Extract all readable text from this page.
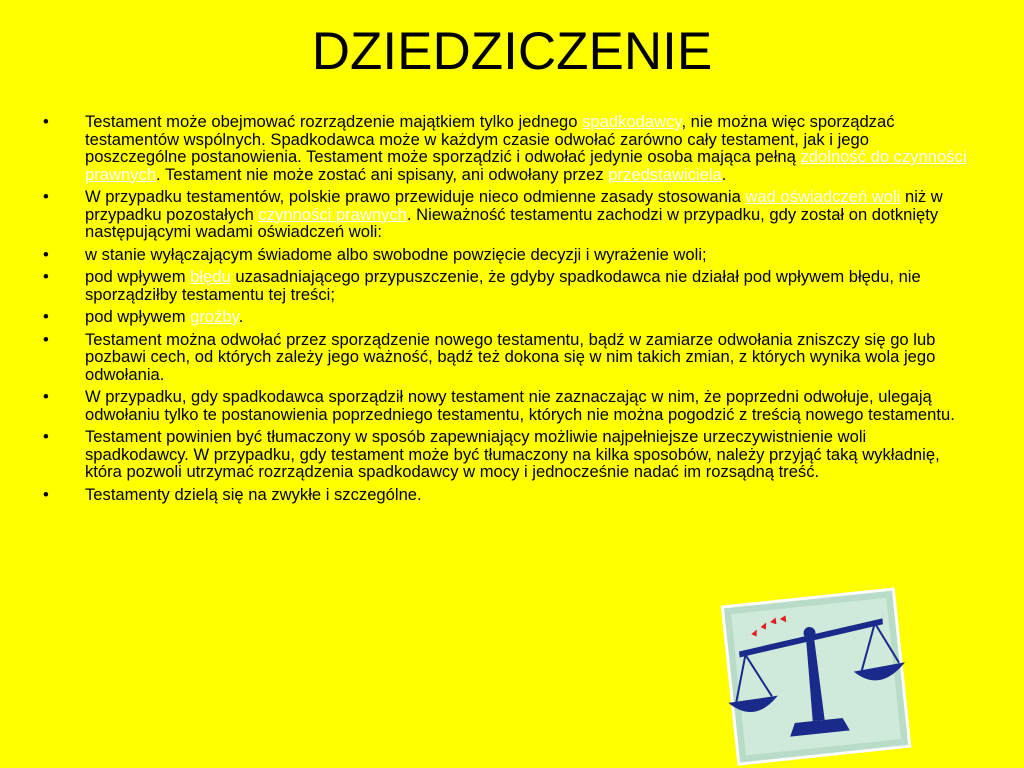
DZIEDZICZENIE
• Testament może obejmować rozrządzenie majątkiem tylko jednego spadkodawcy, nie można więc sporządzać testamentów wspólnych. Spadkodawca może w każdym czasie odwołać zarówno cały testament, jak i jego poszczególne postanowienia. Testament może sporządzić i odwołać jedynie osoba mająca pełną zdolność do czynności prawnych. Testament nie może zostać ani spisany, ani odwołany przez przedstawiciela.
• W przypadku testamentów, polskie prawo przewiduje nieco odmienne zasady stosowania wad oświadczeń woli niż w przypadku pozostałych czynności prawnych. Nieważność testamentu zachodzi w przypadku, gdy został on dotknięty następującymi wadami oświadczeń woli:
• w stanie wyłączającym świadome albo swobodne powzięcie decyzji i wyrażenie woli;
• pod wpływem błędu uzasadniającego przypuszczenie, że gdyby spadkodawca nie działał pod wpływem błędu, nie sporządziłby testamentu tej treści;
• pod wpływem groźby.
• Testament można odwołać przez sporządzenie nowego testamentu, bądź w zamiarze odwołania zniszczy się go lub pozbawi cech, od których zależy jego ważność, bądź też dokona się w nim takich zmian, z których wynika wola jego odwołania.
• W przypadku, gdy spadkodawca sporządził nowy testament nie zaznaczając w nim, że poprzedni odwołuje, ulegają odwołaniu tylko te postanowienia poprzedniego testamentu, których nie można pogodzić z treścią nowego testamentu.
• Testament powinien być tłumaczony w sposób zapewniający możliwie najpełniejsze urzeczywistnienie woli spadkodawcy. W przypadku, gdy testament może być tłumaczony na kilka sposobów, należy przyjąć taką wykładnię, która pozwoli utrzymać rozrządzenia spadkodawcy w mocy i jednocześnie nadać im rozsądną treść.
• Testamenty dzielą się na zwykłe i szczególne.
